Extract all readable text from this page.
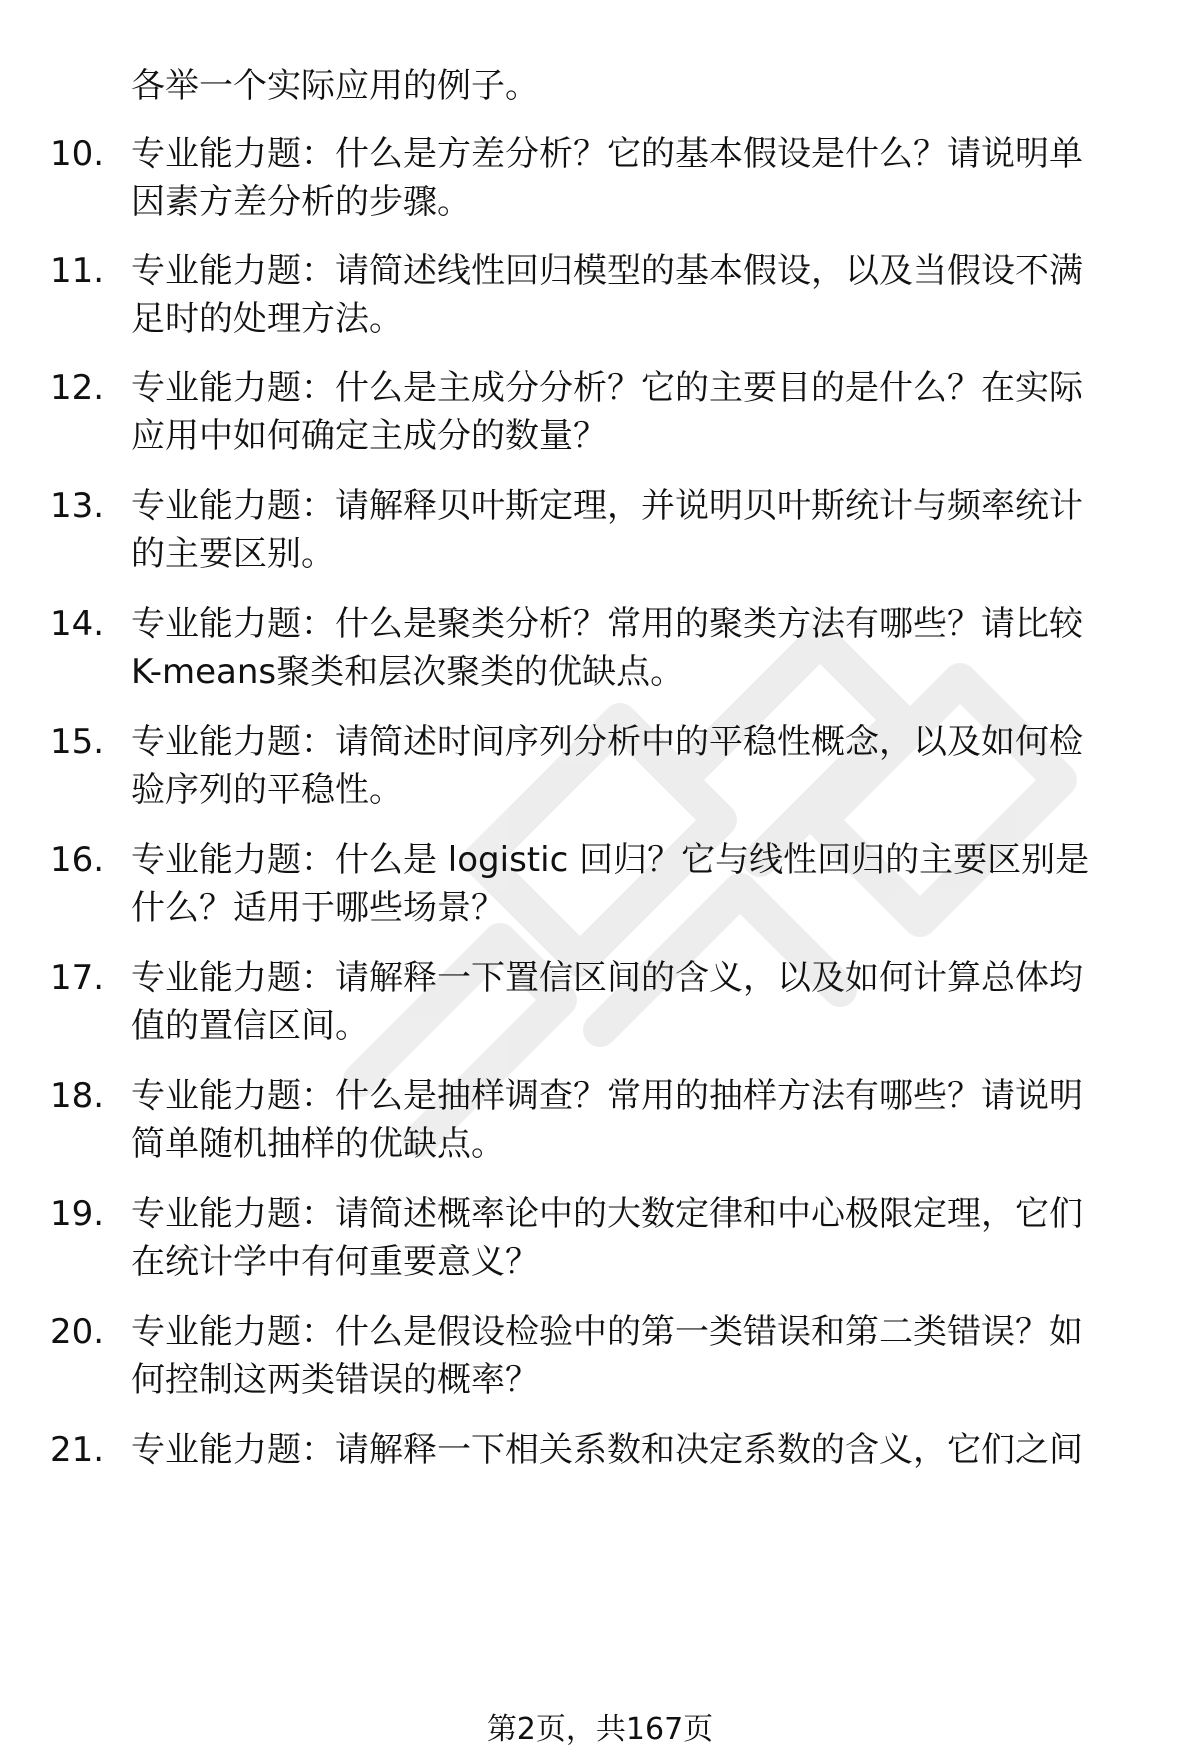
各举一个实际应用的例子。

10. 专业能力题：什么是方差分析？它的基本假设是什么？请说明单
因素方差分析的步骤。

11. 专业能力题：请简述线性回归模型的基本假设，以及当假设不满
足时的处理方法。

12. 专业能力题：什么是主成分分析？它的主要目的是什么？在实际
应用中如何确定主成分的数量？

13. 专业能力题：请解释贝叶斯定理，并说明贝叶斯统计与频率统计
的主要区别。

14. 专业能力题：什么是聚类分析？常用的聚类方法有哪些？请比较
K-means聚类和层次聚类的优缺点。

15. 专业能力题：请简述时间序列分析中的平稳性概念，以及如何检
验序列的平稳性。

16. 专业能力题：什么是 logistic 回归？它与线性回归的主要区别是
什么？适用于哪些场景？

17. 专业能力题：请解释一下置信区间的含义，以及如何计算总体均
值的置信区间。

18. 专业能力题：什么是抽样调查？常用的抽样方法有哪些？请说明
简单随机抽样的优缺点。

19. 专业能力题：请简述概率论中的大数定律和中心极限定理，它们
在统计学中有何重要意义？

20. 专业能力题：什么是假设检验中的第一类错误和第二类错误？如
何控制这两类错误的概率？

21. 专业能力题：请解释一下相关系数和决定系数的含义，它们之间

第2页，共167页
